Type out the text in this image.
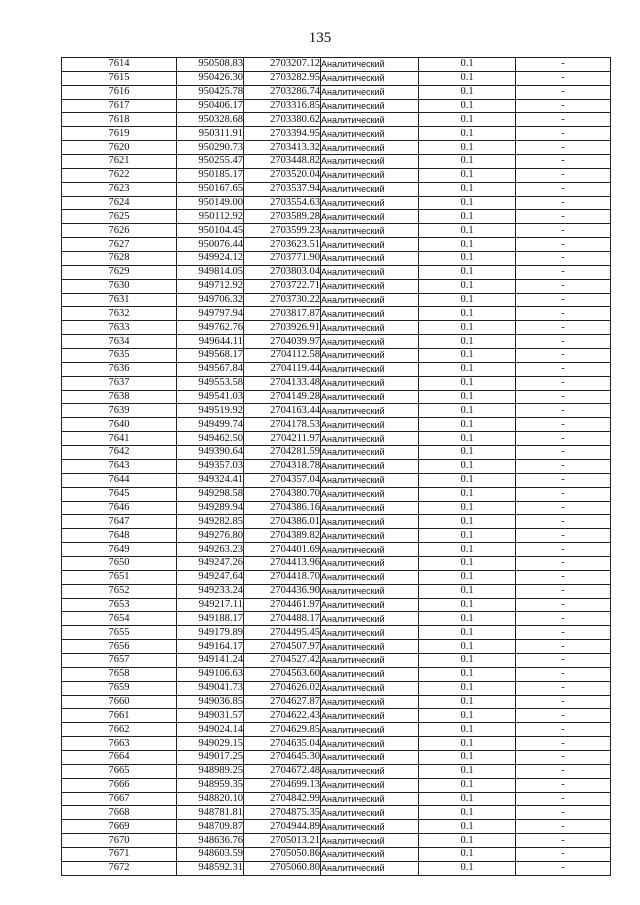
135
7614	950508.83	2703207.12	Аналитический	0.1	-
7615	950426.30	2703282.95	Аналитический	0.1	-
7616	950425.78	2703286.74	Аналитический	0.1	-
7617	950406.17	2703316.85	Аналитический	0.1	-
7618	950328.68	2703380.62	Аналитический	0.1	-
7619	950311.91	2703394.95	Аналитический	0.1	-
7620	950290.73	2703413.32	Аналитический	0.1	-
7621	950255.47	2703448.82	Аналитический	0.1	-
7622	950185.17	2703520.04	Аналитический	0.1	-
7623	950167.65	2703537.94	Аналитический	0.1	-
7624	950149.00	2703554.63	Аналитический	0.1	-
7625	950112.92	2703589.28	Аналитический	0.1	-
7626	950104.45	2703599.23	Аналитический	0.1	-
7627	950076.44	2703623.51	Аналитический	0.1	-
7628	949924.12	2703771.90	Аналитический	0.1	-
7629	949814.05	2703803.04	Аналитический	0.1	-
7630	949712.92	2703722.71	Аналитический	0.1	-
7631	949706.32	2703730.22	Аналитический	0.1	-
7632	949797.94	2703817.87	Аналитический	0.1	-
7633	949762.76	2703926.91	Аналитический	0.1	-
7634	949644.11	2704039.97	Аналитический	0.1	-
7635	949568.17	2704112.58	Аналитический	0.1	-
7636	949567.84	2704119.44	Аналитический	0.1	-
7637	949553.58	2704133.48	Аналитический	0.1	-
7638	949541.03	2704149.28	Аналитический	0.1	-
7639	949519.92	2704163.44	Аналитический	0.1	-
7640	949499.74	2704178.53	Аналитический	0.1	-
7641	949462.50	2704211.97	Аналитический	0.1	-
7642	949390.64	2704281.59	Аналитический	0.1	-
7643	949357.03	2704318.78	Аналитический	0.1	-
7644	949324.41	2704357.04	Аналитический	0.1	-
7645	949298.58	2704380.70	Аналитический	0.1	-
7646	949289.94	2704386.16	Аналитический	0.1	-
7647	949282.85	2704386.01	Аналитический	0.1	-
7648	949276.80	2704389.82	Аналитический	0.1	-
7649	949263.23	2704401.69	Аналитический	0.1	-
7650	949247.26	2704413.96	Аналитический	0.1	-
7651	949247.64	2704418.70	Аналитический	0.1	-
7652	949233.24	2704436.90	Аналитический	0.1	-
7653	949217.11	2704461.97	Аналитический	0.1	-
7654	949188.17	2704488.17	Аналитический	0.1	-
7655	949179.89	2704495.45	Аналитический	0.1	-
7656	949164.17	2704507.97	Аналитический	0.1	-
7657	949141.24	2704527.42	Аналитический	0.1	-
7658	949106.63	2704563.60	Аналитический	0.1	-
7659	949041.73	2704626.02	Аналитический	0.1	-
7660	949036.85	2704627.87	Аналитический	0.1	-
7661	949031.57	2704622.43	Аналитический	0.1	-
7662	949024.14	2704629.85	Аналитический	0.1	-
7663	949029.15	2704635.04	Аналитический	0.1	-
7664	949017.25	2704645.30	Аналитический	0.1	-
7665	948989.25	2704672.48	Аналитический	0.1	-
7666	948959.35	2704699.13	Аналитический	0.1	-
7667	948820.10	2704842.99	Аналитический	0.1	-
7668	948781.81	2704875.35	Аналитический	0.1	-
7669	948709.87	2704944.89	Аналитический	0.1	-
7670	948636.76	2705013.21	Аналитический	0.1	-
7671	948603.59	2705050.86	Аналитический	0.1	-
7672	948592.31	2705060.80	Аналитический	0.1	-
